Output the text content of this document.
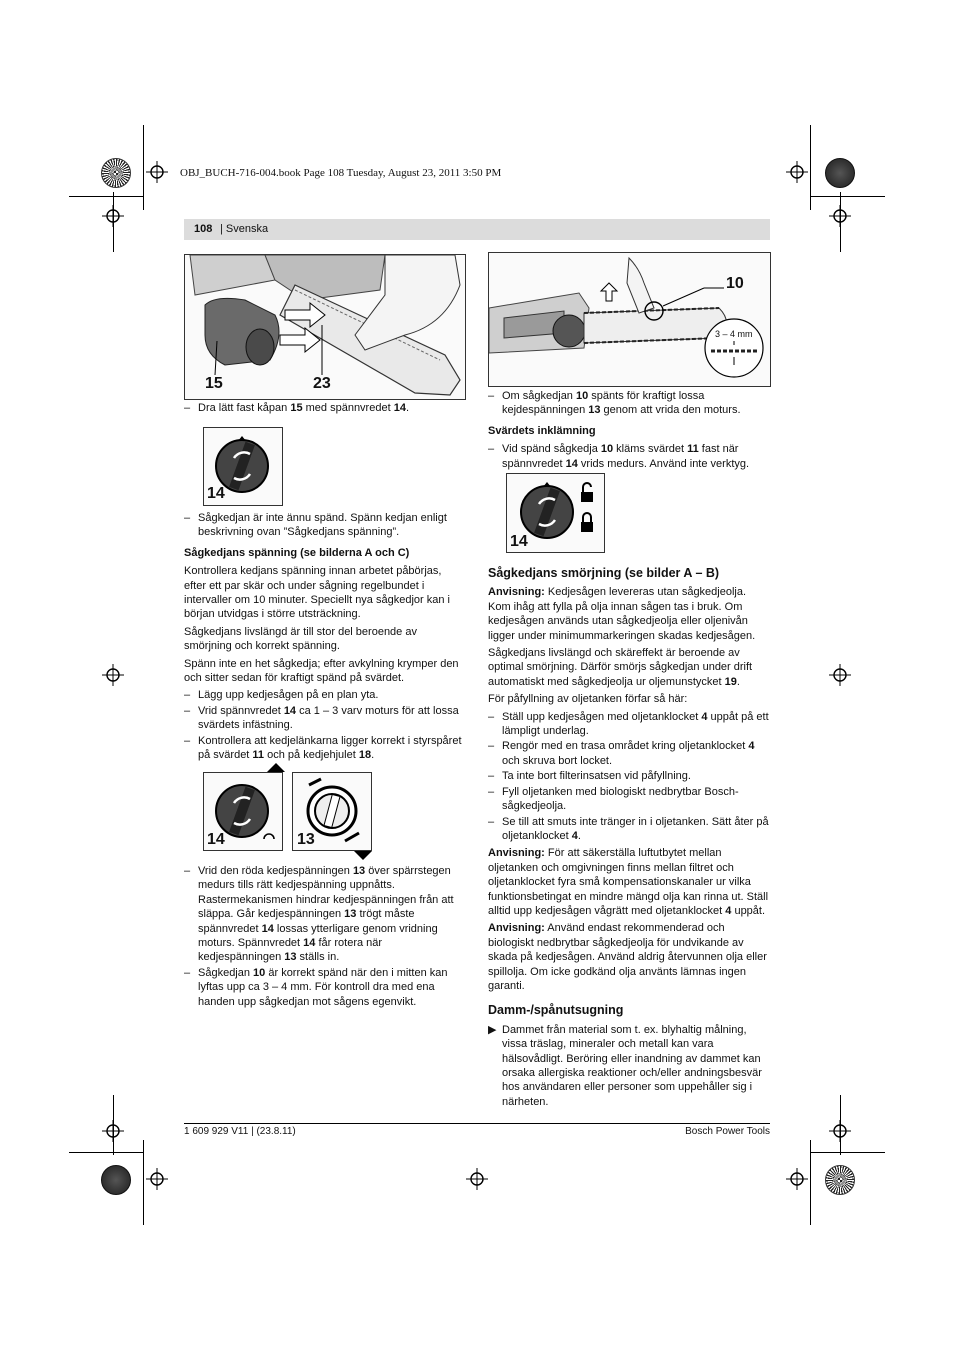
OBJ_BUCH-716-004.book Page 108 Tuesday, August 23, 2011 3:50 PM
108 | Svenska
15	23
10
3 – 4 mm
– Dra lätt fast kåpan 15 med spännvredet 14.
14
– Sågkedjan är inte ännu spänd. Spänn kedjan enligt beskrivning ovan ”Sågkedjans spänning”.
Sågkedjans spänning (se bilderna A och C)

Kontrollera kedjans spänning innan arbetet påbörjas, efter ett par skär och under sågning regelbundet i intervaller om 10 minuter. Speciellt nya sågkedjor kan i början utvidgas i större utsträckning.

Sågkedjans livslängd är till stor del beroende av smörjning och korrekt spänning.

Spänn inte en het sågkedja; efter avkylning krymper den och sitter sedan för kraftigt spänd på svärdet.

– Lägg upp kedjesågen på en plan yta.
– Vrid spännvredet 14 ca 1 – 3 varv moturs för att lossa svärdets infästning.
– Kontrollera att kedjelänkarna ligger korrekt i styrspåret på svärdet 11 och på kedjehjulet 18.
14	13
– Vrid den röda kedjespänningen 13 över spärrstegen medurs tills rätt kedjespänning uppnåtts. Rastermekanismen hindrar kedjespänningen från att släppa. Går kedjespänningen 13 trögt måste spännvredet 14 lossas ytterligare genom vridning moturs. Spännvredet 14 får rotera när kedjespänningen 13 ställs in.
– Sågkedjan 10 är korrekt spänd när den i mitten kan lyftas upp ca 3 – 4 mm. För kontroll dra med ena handen upp sågkedjan mot sågens egenvikt.
– Om sågkedjan 10 spänts för kraftigt lossa kejdespänningen 13 genom att vrida den moturs.
Svärdets inklämning
– Vid spänd sågkedja 10 kläms svärdet 11 fast när spännvredet 14 vrids medurs. Använd inte verktyg.
14
Sågkedjans smörjning (se bilder A – B)

Anvisning: Kedjesågen levereras utan sågkedjeolja. Kom ihåg att fylla på olja innan sågen tas i bruk. Om kedjesågen används utan sågkedjeolja eller oljenivån ligger under minimummarkeringen skadas kedjesågen.

Sågkedjans livslängd och skäreffekt är beroende av optimal smörjning. Därför smörjs sågkedjan under drift automatiskt med sågkedjeolja ur oljemunstycket 19.

För påfyllning av oljetanken förfar så här:

– Ställ upp kedjesågen med oljetanklocket 4 uppåt på ett lämpligt underlag.
– Rengör med en trasa området kring oljetanklocket 4 och skruva bort locket.
– Ta inte bort filterinsatsen vid påfyllning.
– Fyll oljetanken med biologiskt nedbrytbar Bosch-sågkedjeolja.
– Se till att smuts inte tränger in i oljetanken. Sätt åter på oljetanklocket 4.

Anvisning: För att säkerställa luftutbytet mellan oljetanken och omgivningen finns mellan filtret och oljetanklocket fyra små kompensationskanaler ur vilka funktionsbetingat en mindre mängd olja kan rinna ut. Ställ alltid upp kedjesågen vågrätt med oljetanklocket 4 uppåt.

Anvisning: Använd endast rekommenderad och biologiskt nedbrytbar sågkedjeolja för undvikande av skada på kedjesågen. Använd aldrig återvunnen olja eller spillolja. Om icke godkänd olja använts lämnas ingen garanti.

Damm-/spånutsugning
▶ Dammet från material som t. ex. blyhaltig målning, vissa träslag, mineraler och metall kan vara hälsovådligt. Beröring eller inandning av dammet kan orsaka allergiska reaktioner och/eller andningsbesvär hos användaren eller personer som uppehåller sig i närheten.
1 609 929 V11 | (23.8.11)	Bosch Power Tools
